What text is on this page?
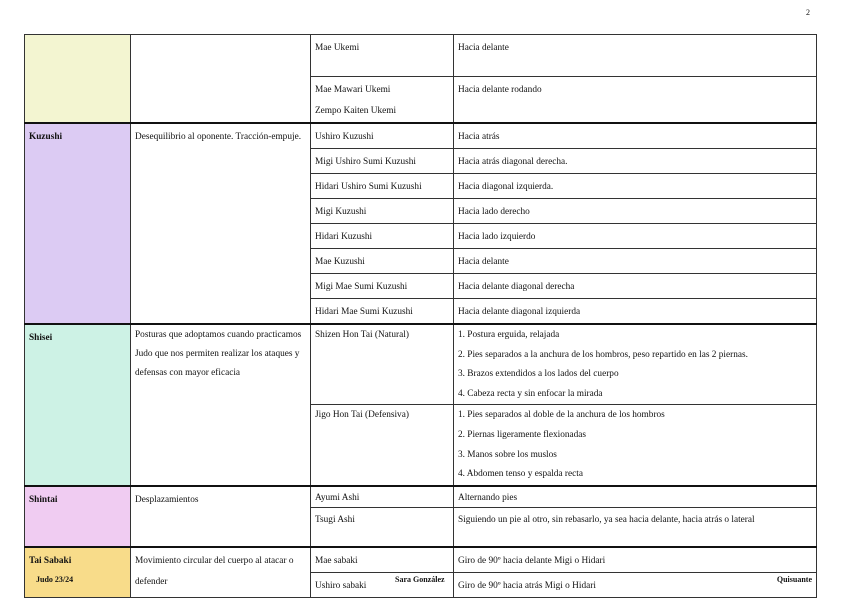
2
		Mae Ukemi	Hacia delante

		Mae Mawari Ukemi
Zempo Kaiten Ukemi	Hacia delante rodando
Kuzushi	Desequilibrio al oponente. Tracción-empuje.	Ushiro Kuzushi	Hacia atrás
		Migi Ushiro Sumi Kuzushi	Hacia atrás diagonal derecha.
		Hidari Ushiro Sumi Kuzushi	Hacia diagonal izquierda.
		Migi Kuzushi	Hacia lado derecho
		Hidari Kuzushi	Hacia lado izquierdo
		Mae Kuzushi	Hacia delante
		Migi Mae Sumi Kuzushi	Hacia delante diagonal derecha
		Hidari Mae Sumi Kuzushi	Hacia delante diagonal izquierda
Shisei	Posturas que adoptamos cuando practicamos Judo que nos permiten realizar los ataques y defensas con mayor eficacia	Shizen Hon Tai (Natural)	1. Postura erguida, relajada
2. Pies separados a la anchura de los hombros, peso repartido en las 2 piernas.
3. Brazos extendidos a los lados del cuerpo
4. Cabeza recta y sin enfocar la mirada

		Jigo Hon Tai (Defensiva)	1. Pies separados al doble de la anchura de los hombros
2. Piernas ligeramente flexionadas
3. Manos sobre los muslos
4. Abdomen tenso y espalda recta

Shintai	Desplazamientos	Ayumi Ashi	Alternando pies
		Tsugi Ashi	Siguiendo un pie al otro, sin rebasarlo, ya sea hacia delante, hacia atrás o lateral

Tai Sabaki	Movimiento circular del cuerpo al atacar o defender	Mae sabaki	Giro de 90º hacia delante Migi o Hidari
		Ushiro sabaki	Giro de 90º hacia atrás Migi o Hidari
Judo 23/24	Sara González	Quisuante
